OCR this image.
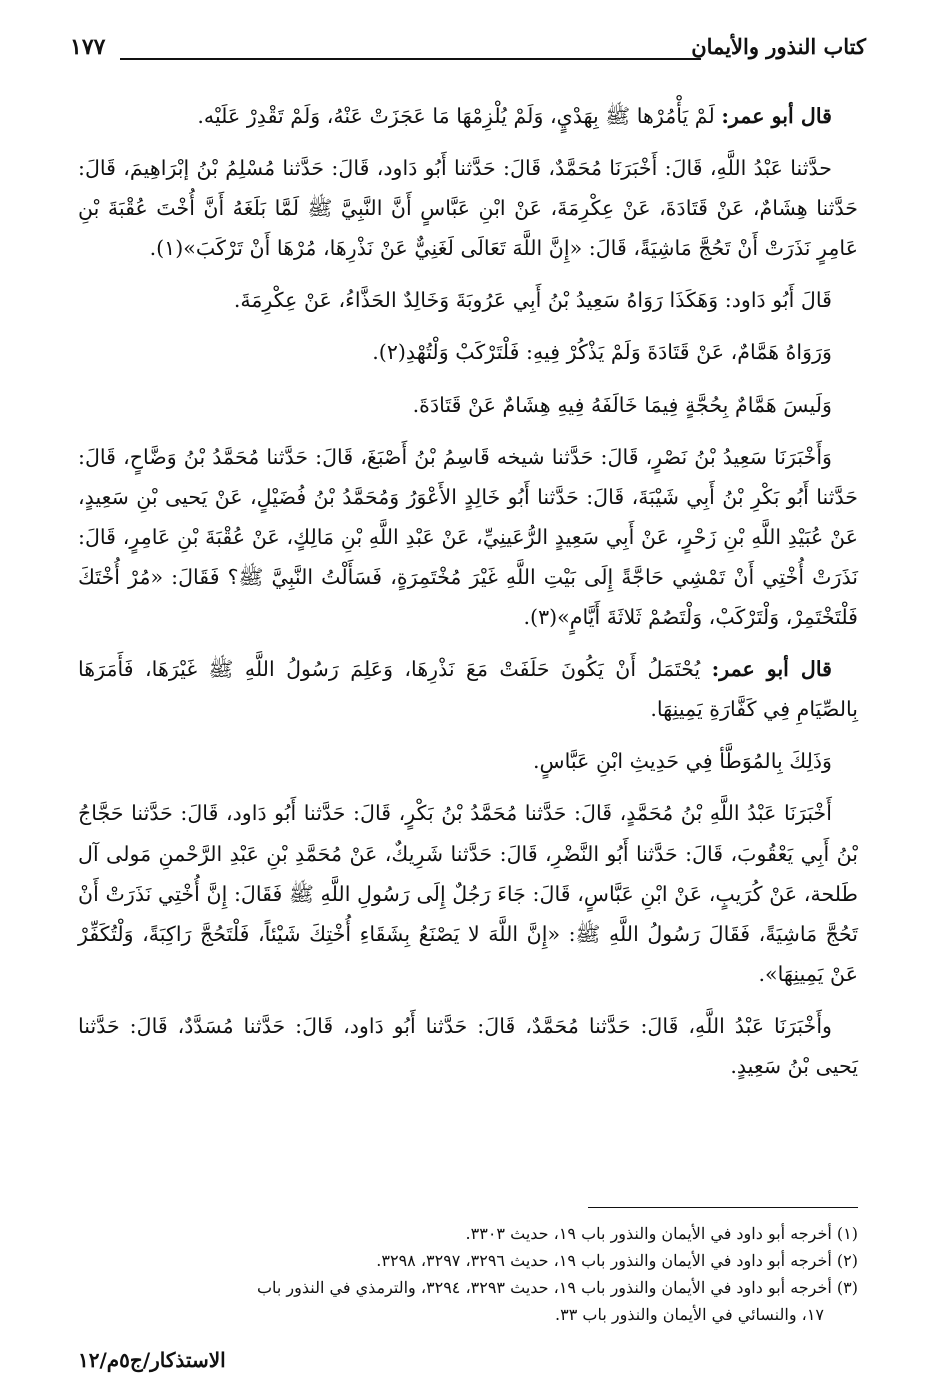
كتاب النذور والأيمان
١٧٧

قال أبو عمر: لَمْ يَأْمُرْها ﷺ بِهَدْيٍ، وَلَمْ يُلْزِمْهَا مَا عَجَزَتْ عَنْهُ، وَلَمْ تَقْدِرْ عَلَيْه.

حدَّثنا عَبْدُ اللَّهِ، قَالَ: أَخْبَرَنَا مُحَمَّدٌ، قَالَ: حَدَّثنا أَبُو دَاود، قَالَ: حَدَّثنا مُسْلِمُ بْنُ إبْرَاهِيمَ، قَالَ: حَدَّثنا هِشَامٌ، عَنْ قَتَادَةَ، عَنْ عِكْرِمَةَ، عَنْ ابْنِ عَبَّاسٍ أَنَّ النَّبِيَّ ﷺ لَمَّا بَلَغَهُ أَنَّ أُخْتَ عُقْبَةَ بْنِ عَامِرٍ نَذَرَتْ أَنْ تَحُجَّ مَاشِيَةً، قَالَ: «إِنَّ اللَّهَ تَعَالَى لَغَنِيٌّ عَنْ نَذْرِهَا، مُرْهَا أَنْ تَرْكَبَ»(١).

قَالَ أَبُو دَاود: وَهَكَذَا رَوَاهُ سَعِيدُ بْنُ أَبِي عَرُوبَةَ وَخَالِدٌ الحَذَّاءُ، عَنْ عِكْرِمَةَ.

وَرَوَاهُ هَمَّامٌ، عَنْ قَتَادَةَ وَلَمْ يَذْكُرْ فِيهِ: فَلْتَرْكَبْ وَلْتُهْدِ(٢).

وَلَيسَ هَمَّامٌ بِحُجَّةٍ فِيمَا خَالَفَهُ فِيهِ هِشَامٌ عَنْ قَتَادَةَ.

وَأَخْبَرَنَا سَعِيدُ بْنُ نَصْرٍ، قَالَ: حَدَّثنا شيخه قَاسِمُ بْنُ أَصْبَغَ، قَالَ: حَدَّثنا مُحَمَّدُ بْنُ وَضَّاحٍ، قَالَ: حَدَّثنا أَبُو بَكْرِ بْنُ أَبِي شَيْبَةَ، قَالَ: حَدَّثنا أَبُو خَالِدٍ الأَعْوَرُ وَمُحَمَّدُ بْنُ فُضَيْلٍ، عَنْ يَحيى بْنِ سَعِيدٍ، عَنْ عُبَيْدِ اللَّهِ بْنِ زَحْرٍ، عَنْ أَبِي سَعِيدٍ الرُّعَينِيِّ، عَنْ عَبْدِ اللَّهِ بْنِ مَالِكٍ، عَنْ عُقْبَةَ بْنِ عَامِرٍ، قَالَ: نَذَرَتْ أُخْتِي أَنْ تَمْشِي حَاجَّةً إِلَى بَيْتِ اللَّهِ غَيْرَ مُخْتَمِرَةٍ، فَسَأَلْتُ النَّبِيَّ ﷺ؟ فَقَالَ: «مُرْ أُخْتَكَ فَلْتَخْتَمِرْ، وَلْتَرْكَبْ، وَلْتَصُمْ ثَلاثَةَ أَيَّامٍ»(٣).

قال أبو عمر: يُحْتَمَلُ أَنْ يَكُونَ حَلَفَتْ مَعَ نَذْرِهَا، وَعَلِمَ رَسُولُ اللَّهِ ﷺ غَيْرَهَا، فَأَمَرَهَا بِالصِّيَامِ فِي كَفَّارَةِ يَمِينِهَا.

وَذَلِكَ بِالمُوَطَّأ فِي حَدِيثِ ابْنِ عَبَّاسٍ.

أَخْبَرَنَا عَبْدُ اللَّهِ بْنُ مُحَمَّدٍ، قَالَ: حَدَّثنا مُحَمَّدُ بْنُ بَكْرٍ، قَالَ: حَدَّثنا أَبُو دَاود، قَالَ: حَدَّثنا حَجَّاجُ بْنُ أَبِي يَعْقُوبَ، قَالَ: حَدَّثنا أَبُو النَّضْرِ، قَالَ: حَدَّثنا شَرِيكٌ، عَنْ مُحَمَّدِ بْنِ عَبْدِ الرَّحْمنِ مَولى آل طَلحة، عَنْ كُرَيبٍ، عَنْ ابْنِ عَبَّاسٍ، قَالَ: جَاءَ رَجُلٌ إِلَى رَسُولِ اللَّهِ ﷺ فَقَالَ: إِنَّ أُخْتِي نَذَرَتْ أَنْ تَحُجَّ مَاشِيَةً، فَقَالَ رَسُولُ اللَّهِ ﷺ: «إِنَّ اللَّهَ لا يَصْنَعُ بِشَقَاءِ أُخْتِكَ شَيْئاً، فَلْتَحُجَّ رَاكِبَةً، وَلْتُكَفِّرْ عَنْ يَمِينِهَا».

وأَخْبَرَنَا عَبْدُ اللَّهِ، قَالَ: حَدَّثنا مُحَمَّدٌ، قَالَ: حَدَّثنا أَبُو دَاود، قَالَ: حَدَّثنا مُسَدَّدٌ، قَالَ: حَدَّثنا يَحيى بْنُ سَعِيدٍ.

(١) أخرجه أبو داود في الأيمان والنذور باب ١٩، حديث ٣٣٠٣.

(٢) أخرجه أبو داود في الأيمان والنذور باب ١٩، حديث ٣٢٩٦، ٣٢٩٧، ٣٢٩٨.

(٣) أخرجه أبو داود في الأيمان والنذور باب ١٩، حديث ٣٢٩٣، ٣٢٩٤، والترمذي في النذور باب

١٧، والنسائي في الأيمان والنذور باب ٣٣.

الاستذكار/ج٥م/١٢
